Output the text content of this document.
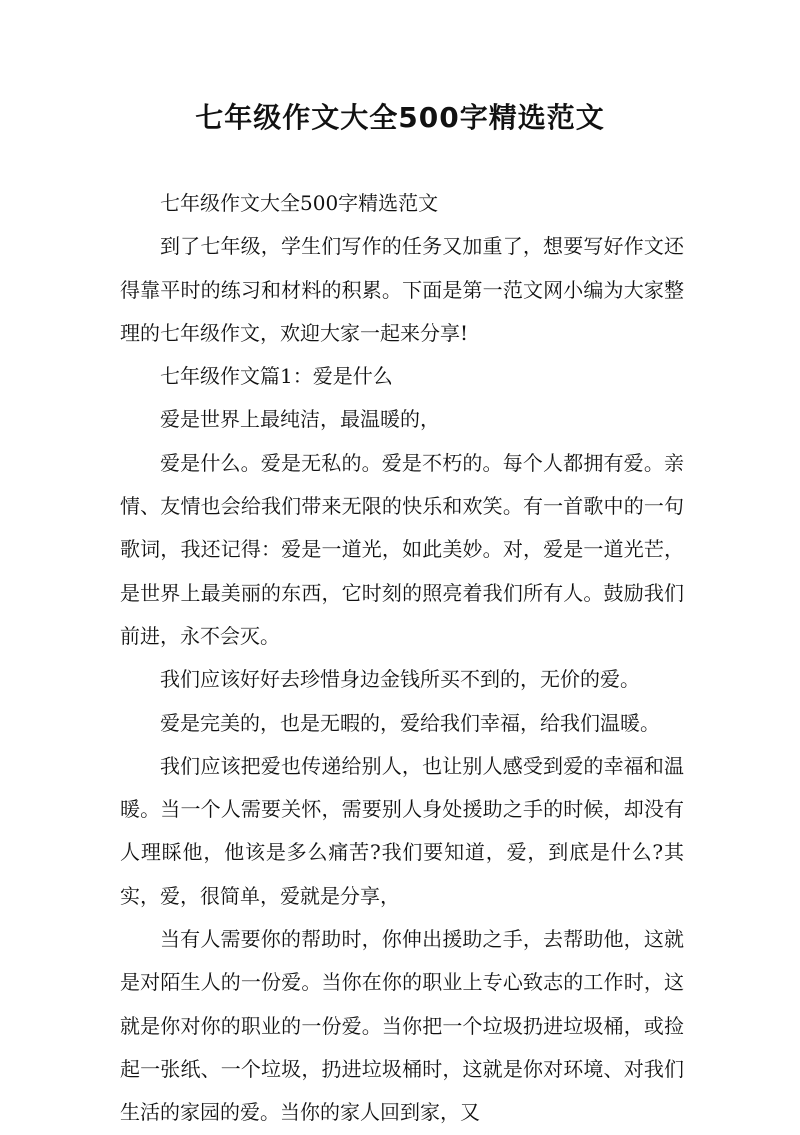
七年级作文大全500字精选范文

七年级作文大全500字精选范文

到了七年级，学生们写作的任务又加重了，想要写好作文还得靠平时的练习和材料的积累。下面是第一范文网小编为大家整理的七年级作文，欢迎大家一起来分享!

七年级作文篇1：爱是什么

爱是世界上最纯洁，最温暖的，

爱是什么。爱是无私的。爱是不朽的。每个人都拥有爱。亲情、友情也会给我们带来无限的快乐和欢笑。有一首歌中的一句歌词，我还记得：爱是一道光，如此美妙。对，爱是一道光芒，是世界上最美丽的东西，它时刻的照亮着我们所有人。鼓励我们前进，永不会灭。

我们应该好好去珍惜身边金钱所买不到的，无价的爱。

爱是完美的，也是无暇的，爱给我们幸福，给我们温暖。

我们应该把爱也传递给别人，也让别人感受到爱的幸福和温暖。当一个人需要关怀，需要别人身处援助之手的时候，却没有人理睬他，他该是多么痛苦?我们要知道，爱，到底是什么?其实，爱，很简单，爱就是分享，

当有人需要你的帮助时，你伸出援助之手，去帮助他，这就是对陌生人的一份爱。当你在你的职业上专心致志的工作时，这就是你对你的职业的一份爱。当你把一个垃圾扔进垃圾桶，或捡起一张纸、一个垃圾，扔进垃圾桶时，这就是你对环境、对我们生活的家园的爱。当你的家人回到家，又
